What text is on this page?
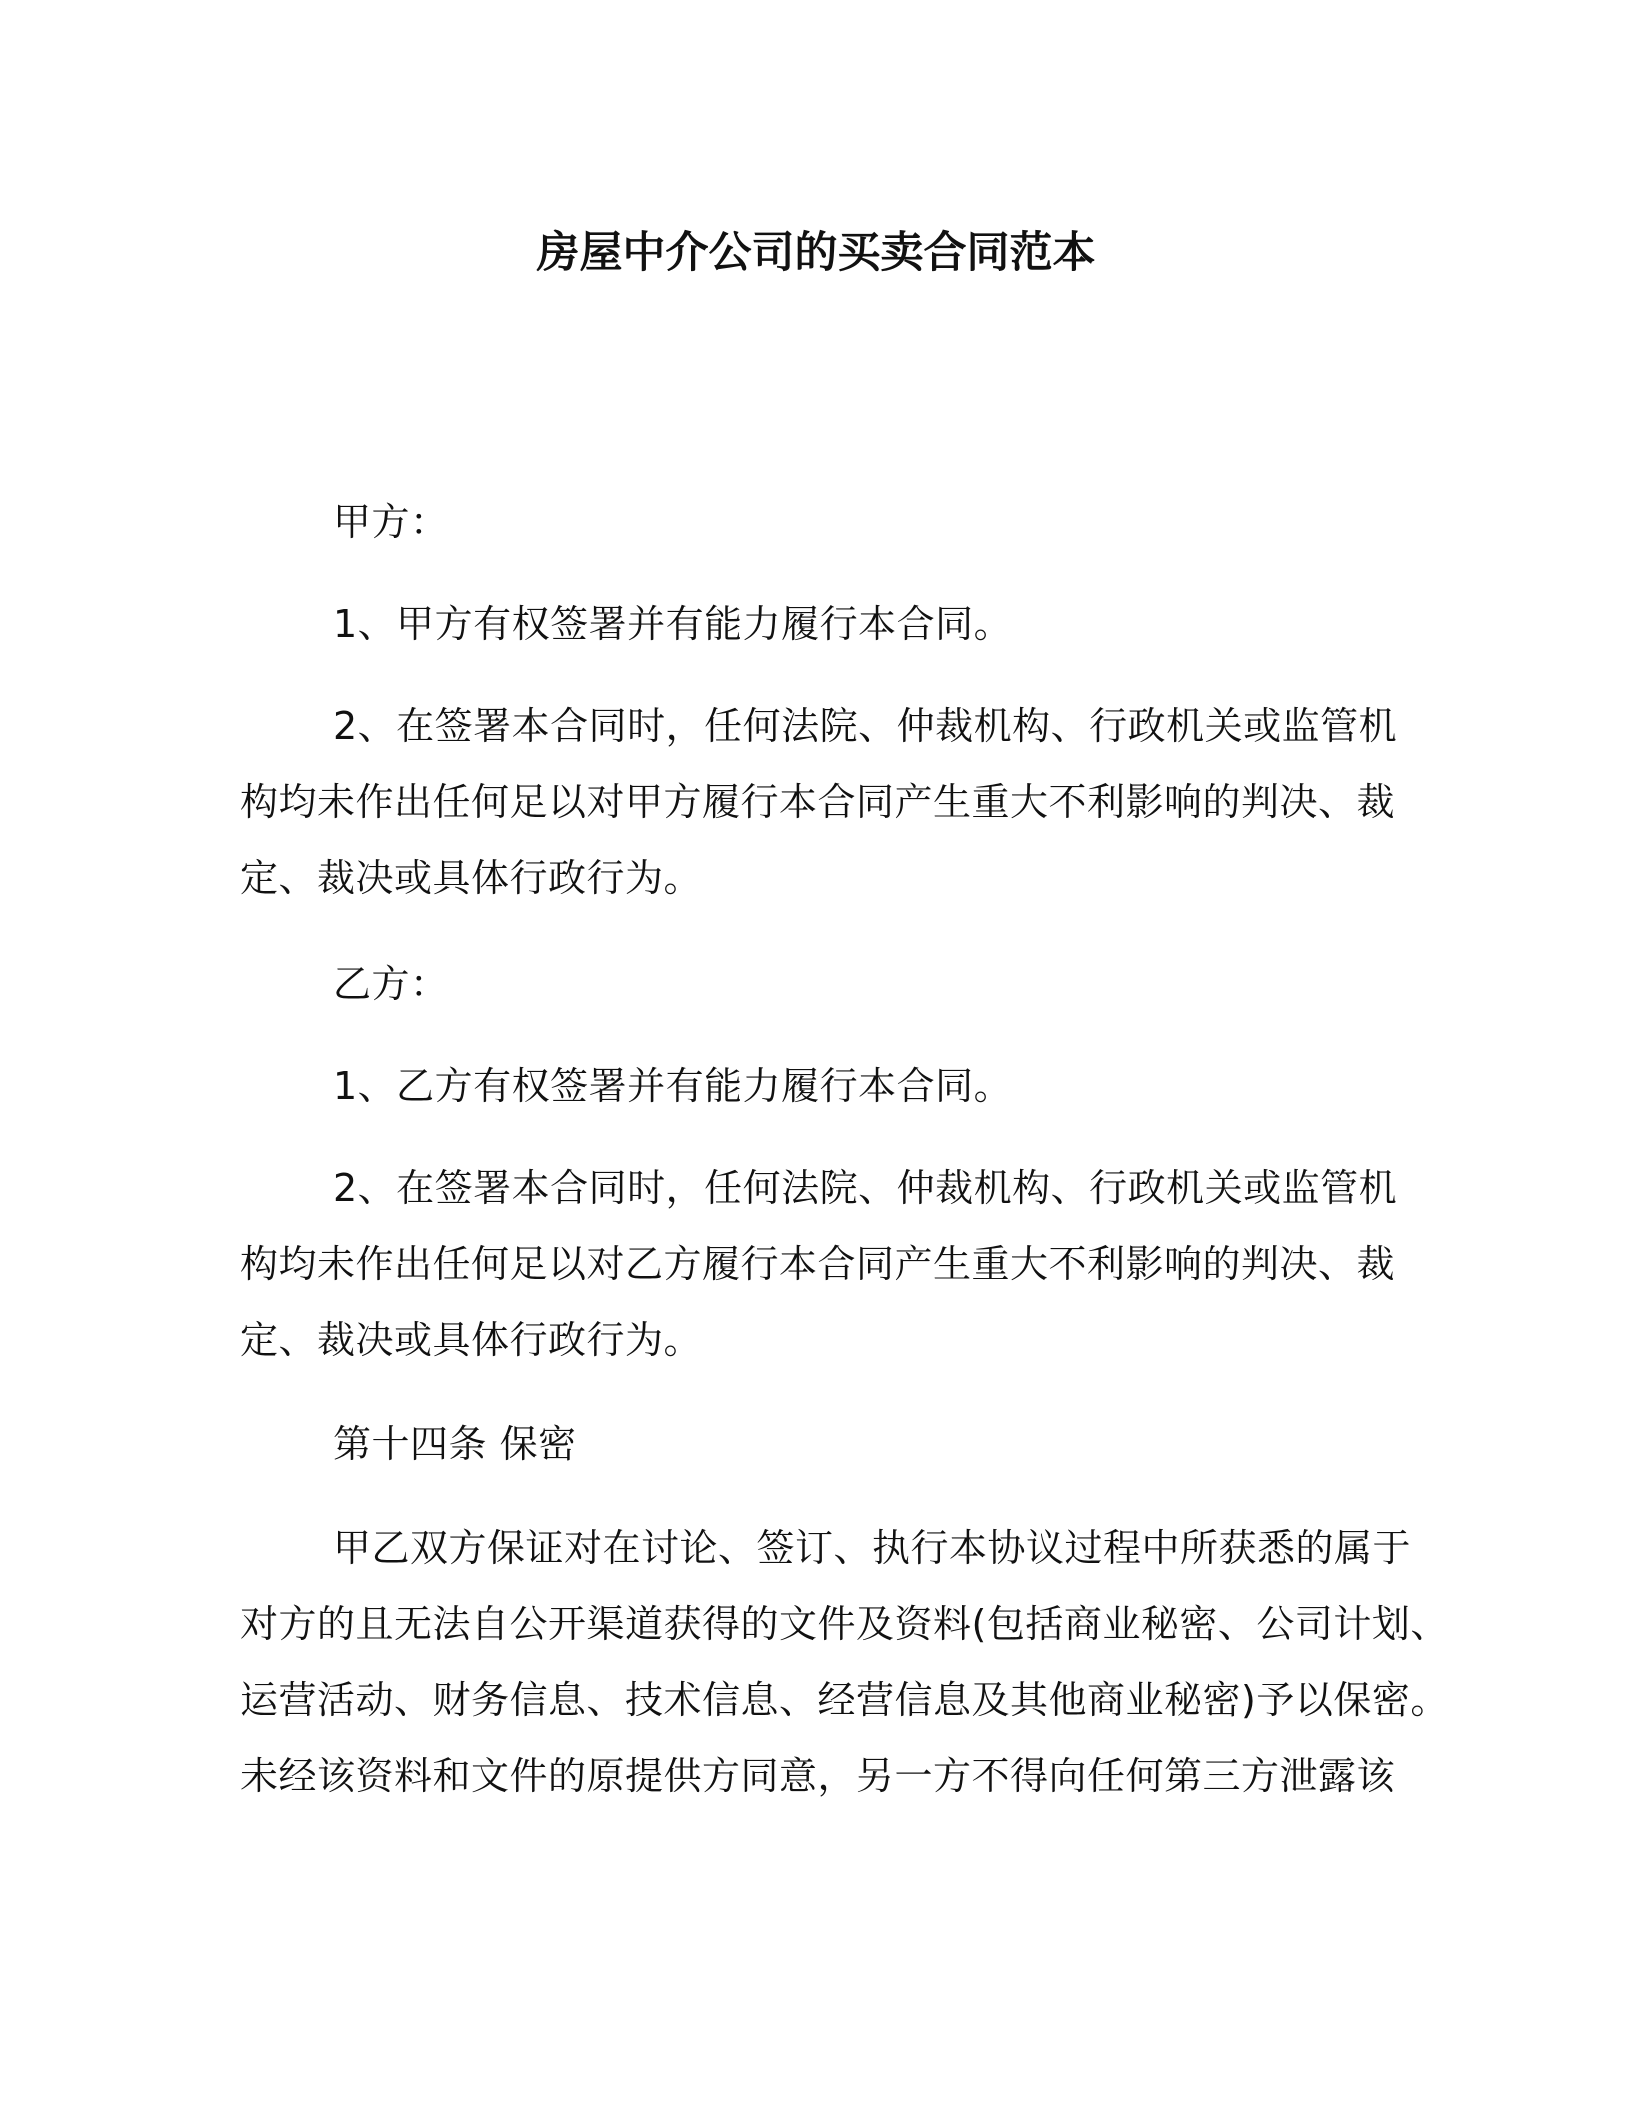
房屋中介公司的买卖合同范本
甲方：
1、甲方有权签署并有能力履行本合同。
2、在签署本合同时，任何法院、仲裁机构、行政机关或监管机
构均未作出任何足以对甲方履行本合同产生重大不利影响的判决、裁
定、裁决或具体行政行为。
乙方：
1、乙方有权签署并有能力履行本合同。
2、在签署本合同时，任何法院、仲裁机构、行政机关或监管机
构均未作出任何足以对乙方履行本合同产生重大不利影响的判决、裁
定、裁决或具体行政行为。
第十四条 保密
甲乙双方保证对在讨论、签订、执行本协议过程中所获悉的属于
对方的且无法自公开渠道获得的文件及资料(包括商业秘密、公司计划、
运营活动、财务信息、技术信息、经营信息及其他商业秘密)予以保密。
未经该资料和文件的原提供方同意，另一方不得向任何第三方泄露该
